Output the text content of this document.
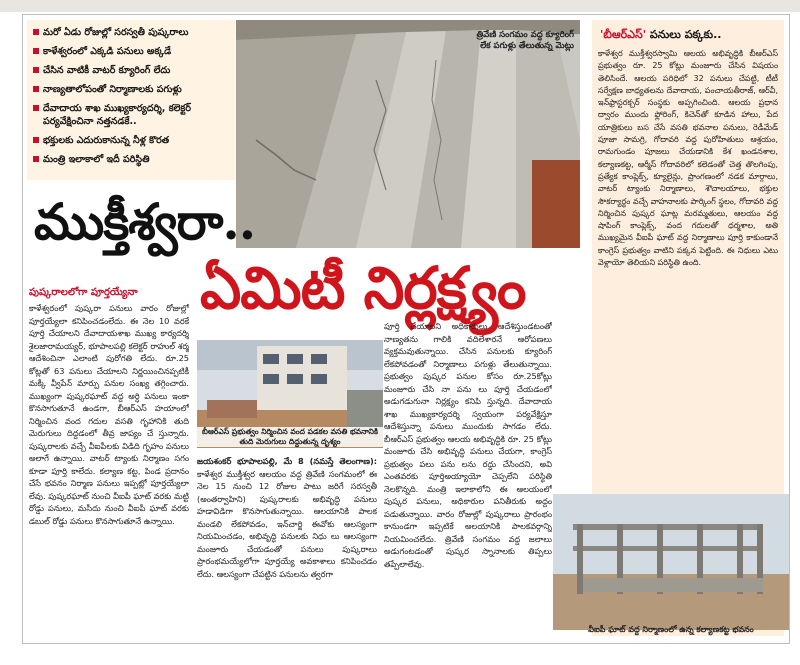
మరో ఏడు రోజుల్లో సరస్వతీ పుష్కరాలు
కాళేశ్వరంలో ఎక్కడి పనులు అక్కడే
చేసిన వాటికీ వాటర్ క్యూరింగ్ లేదు
నాణ్యతాలోపంతో నిర్మాణాలకు పగుళ్లు
దేవాదాయ శాఖ ముఖ్యకార్యదర్శి, కలెక్టర్ పర్యవేక్షించినా నత్తనడకే..
భక్తులకు ఎదురుకానున్న నీళ్ల కొరత
మంత్రి ఇలాకాలో ఇదీ పరిస్థితి
త్రివేణి సంగమం వద్ద క్యూరింగ్ లేక పగుళ్లు తేలుతున్న మెట్లు
ముక్తీశ్వరా..
ఏమిటీ నిర్లక్ష్యం
పుష్కరాలలోగా పూర్తయ్యేనా
కాళేశ్వరంలో పుష్కరా పనులు వారం రోజుల్లో పూర్తయ్యేలా కనిపించడంలేదు. ఈ నెల 10 వరకే పూర్తి చేయాలని దేవాదాయశాఖ ముఖ్య కార్యదర్శి శైలజారామయ్యర్, భూపాలపల్లి కలెక్టర్ రాహుల్ శర్మ ఆదేశించినా ఎలాంటి పురోగతి లేదు. రూ.25 కోట్లతో 63 పనులు చేయాలని నిర్ణయించినప్పటికీ మక్కీ వ్వీపేన్ మార్పు పనుల సంఖ్య తగ్గించారు. ముఖ్యంగా పుష్కరఘాట్ వద్ద అర్ధి పనులు ఇంకా కొనసాగుతూనే ఉండగా, బీఆర్ఎస్ హయాంలో నిర్మించిన వంద గదుల వసతి గృహానికి తుది మెరుగులు దిద్దడంలో తీవ్ర జాప్యం చే స్తున్నారు. పుష్కరాలకు వచ్చే వీఐపీలకు విడిది గృహం పనులు అలాగే ఉన్నాయి. వాటర్ ట్యాంకు నిర్మాణం సగం కూడా పూర్తి కాలేదు. కల్యాణ కట్ట, పిండ ప్రదానం చేసే భవనం నిర్మాణ పనులు ఇప్పట్లో పూర్తయ్యేలా లేవు. పుష్కరఘాట్ నుంచి వీఐపీ ఘాట్ వరకు మట్టి రోడ్డు పనులు, మసీదు నుంచి వీఐపీ ఘాట్ వరకు డబుల్ రోడ్డు పనులు కొనసాగుతూనే ఉన్నాయి.
బీఆర్ఎస్ ప్రభుత్వం నిర్మించిన వంద పడకల వసతి భవనానికి తుది మెరుగులు దిద్దుతున్న దృశ్యం
జయశంకర్ భూపాలపల్లి, మే 8 (నమస్తే తెలంగాణ): కాళేశ్వర ముక్తీశ్వర ఆలయం వద్ద త్రివేణి సంగమంలో ఈ నెల 15 నుంచి 12 రోజుల పాటు జరిగే సరస్వతీ (అంతర్వాహిని) పుష్కరాలకు అభివృద్ధి పనులు హడావిడిగా కొనసాగుతున్నాయి. ఆలయానికి పాలక మండలి లేకపోవడం, ఇన్‌చార్జి ఈవోకు ఆలస్యంగా నియమించడం, అభివృద్ధి పనులకు నిధు లు ఆలస్యంగా మంజూరు చేయడంతో పనులు పుష్కరాలు ప్రారంభమయ్యేలోగా పూర్తయ్యే అవకాశాలు కనిపించడం లేదు. ఆలస్యంగా చేపట్టిన పనులను త్వరగా
పూర్తి చేయాలని అధికారులు ఆదేశిస్తుండటంతో నాణ్యతను గాలికి వదిలేశారనే ఆరోపణలు వ్యక్తమవుతున్నాయి. చేసిన పనులకు క్యూరింగ్ లేకపోవడంతో నిర్మాణాలు పగుళ్లు తేలుతున్నాయి. ప్రభుత్వం పుష్కర పనుల కోసం రూ.25కోట్లు మంజూరు చేసి నా పను లు పూర్తి చేయడంలో అడుగడుగునా నిర్లక్ష్యం కనిపి స్తున్నది. దేవాదాయ శాఖ ముఖ్యకార్యదర్శి స్వయంగా పర్యవేక్షిస్తూ ఆదేశిస్తున్నా పనులు ముందుకు సాగడం లేదు. బీఆర్ఎస్ ప్రభుత్వం ఆలయ అభివృద్ధికి రూ. 25 కోట్లు మంజూరు చేసి అభివృద్ధి పనులు చేయగా, కాంగ్రెస్ ప్రభుత్వం పలు పను లను రద్దు చేసిందని, అవి ఎంతవరకు పూర్తిఅయ్యాయో చెప్పలేని పరిస్థితి నెలకొన్నది. మంత్రి ఇలాకాలోని ఈ ఆలయంలో పుష్కర పనులు, అధికారుల పనితీరుకు అద్దం పడుతున్నాయి. వారం రోజుల్లో పుష్కరాలు ప్రారంభం కానుండగా ఇప్పటికే అలయానికి పాలకవర్గాన్ని నియమించలేదు. త్రివేణి సంగమం వద్ద జలాలు అడుగంటడంతో పుష్కర స్నానాలకు తిప్పలు తప్పేలాలేవు.
'బీఆర్ఎస్' పనులు పక్కకు..
కాళేశ్వర ముక్తీశ్వరస్వామి ఆలయ అభివృద్ధికి బీఆర్ఎస్ ప్రభుత్వం రూ. 25 కోట్లు మంజూరు చేసిన విషయం తెలిసిందే. ఆలయ పరిధిలో 32 పనులు చేపట్టి, టీటీ సర్వేక్షణ బాధ్యతలను దేవాదాయ, పంచాయతీరాజ్, ఆర్‌వీ, ఇన్‌ఫ్రాస్టరక్చర్ సంస్థకు అప్పగించింది. ఆలయ ప్రధాన ద్వారం ముందు ఫ్లోరింగ్, కిచెన్‌తో కూడిన హాలు, పేద యాత్రికులు బస చేసే వసతి భవనాల పనులు, రెడీమేడ్ పూజా సామగ్రి, గోదావరి వద్ద పురోహితులు ఆశ్రయం, రామగుండం పూజలు చేయడానికి కేశ ఖండనశాల, కల్యాణకట్ట, ఆర్మీస్ గోదావరిలో కలెడంతో చెత్త తొలగింపు, ప్రత్యేక కాంప్లెక్స్, క్యూలైన్లు, ప్రాంగణంలో నడక మార్గాలు, వాటర్ ట్యాంకు నిర్మాణాలు, శౌచాలయాలు, భక్తుల సౌకర్యార్థం వచ్చే వాహనాలకు పార్కింగ్ స్థలం, గోదావరి వద్ద నిర్మించిన పుష్కర ఘాట్ల మరమ్మతులు, ఆలయం వద్ద షాపింగ్ కాంప్లెక్స్, వంద గదులతో ధర్మశాల, అతి ముఖ్యమైన వీఐపీ ఘాట్ వద్ద నిర్మాణాలు పూర్తి కాకుండానే కాంగ్రెస్ ప్రభుత్వం వాటిని పక్కన పెట్టింది. ఈ నిధులు ఎటు వెళ్లాయో తెలియని పరిస్థితి ఉంది.
వీఐపీ ఘాట్ వద్ద నిర్మాణంలో ఉన్న కల్యాణకట్ట భవనం
